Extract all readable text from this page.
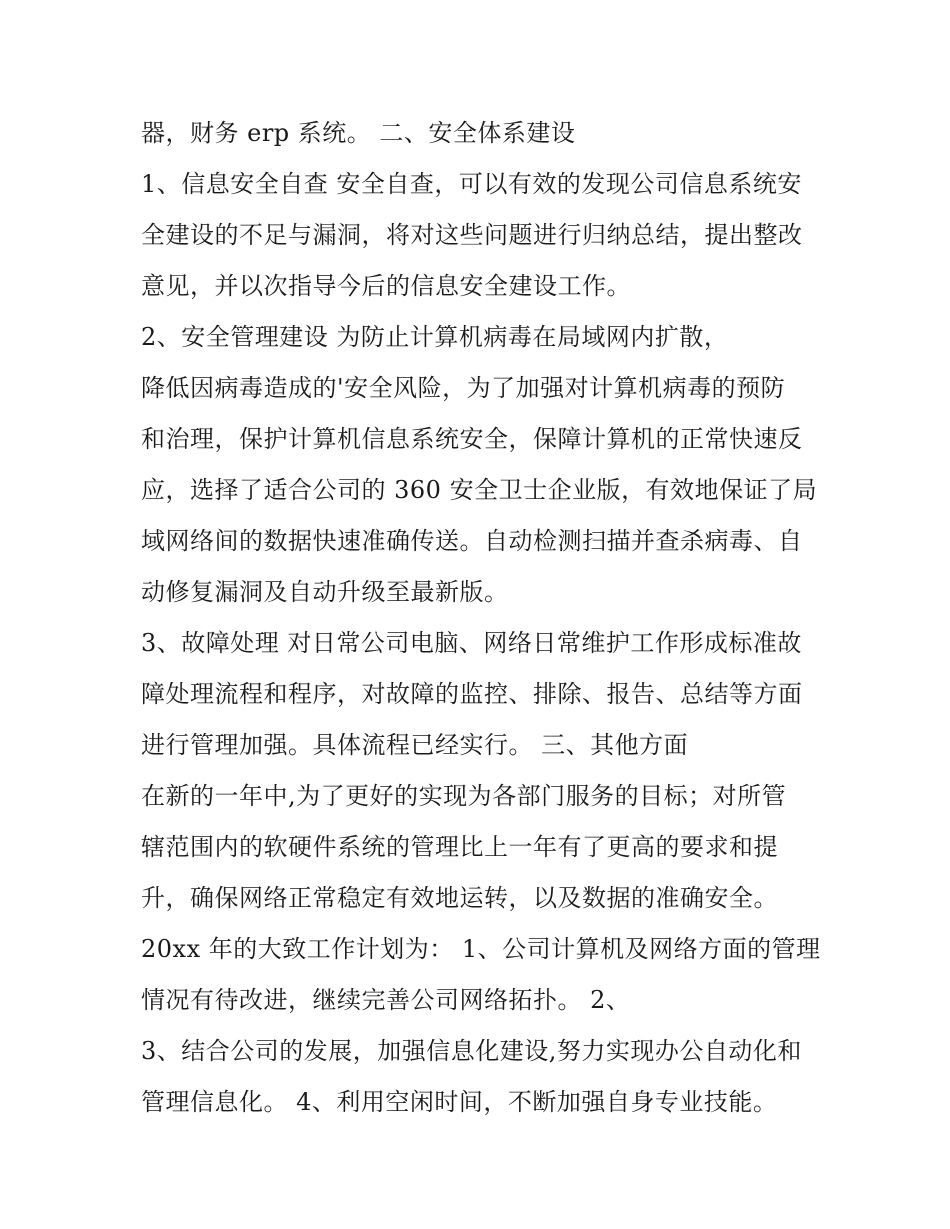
器，财务 erp 系统。 二、安全体系建设
1、信息安全自查 安全自查，可以有效的发现公司信息系统安
全建设的不足与漏洞，将对这些问题进行归纳总结，提出整改
意见，并以次指导今后的信息安全建设工作。
2、安全管理建设 为防止计算机病毒在局域网内扩散，
降低因病毒造成的'安全风险，为了加强对计算机病毒的预防
和治理，保护计算机信息系统安全，保障计算机的正常快速反
应，选择了适合公司的 360 安全卫士企业版，有效地保证了局
域网络间的数据快速准确传送。自动检测扫描并查杀病毒、自
动修复漏洞及自动升级至最新版。
3、故障处理 对日常公司电脑、网络日常维护工作形成标准故
障处理流程和程序，对故障的监控、排除、报告、总结等方面
进行管理加强。具体流程已经实行。 三、其他方面
在新的一年中,为了更好的实现为各部门服务的目标；对所管
辖范围内的软硬件系统的管理比上一年有了更高的要求和提
升，确保网络正常稳定有效地运转，以及数据的准确安全。
20xx 年的大致工作计划为： 1、公司计算机及网络方面的管理
情况有待改进，继续完善公司网络拓扑。 2、
3、结合公司的发展，加强信息化建设,努力实现办公自动化和
管理信息化。 4、利用空闲时间，不断加强自身专业技能。
